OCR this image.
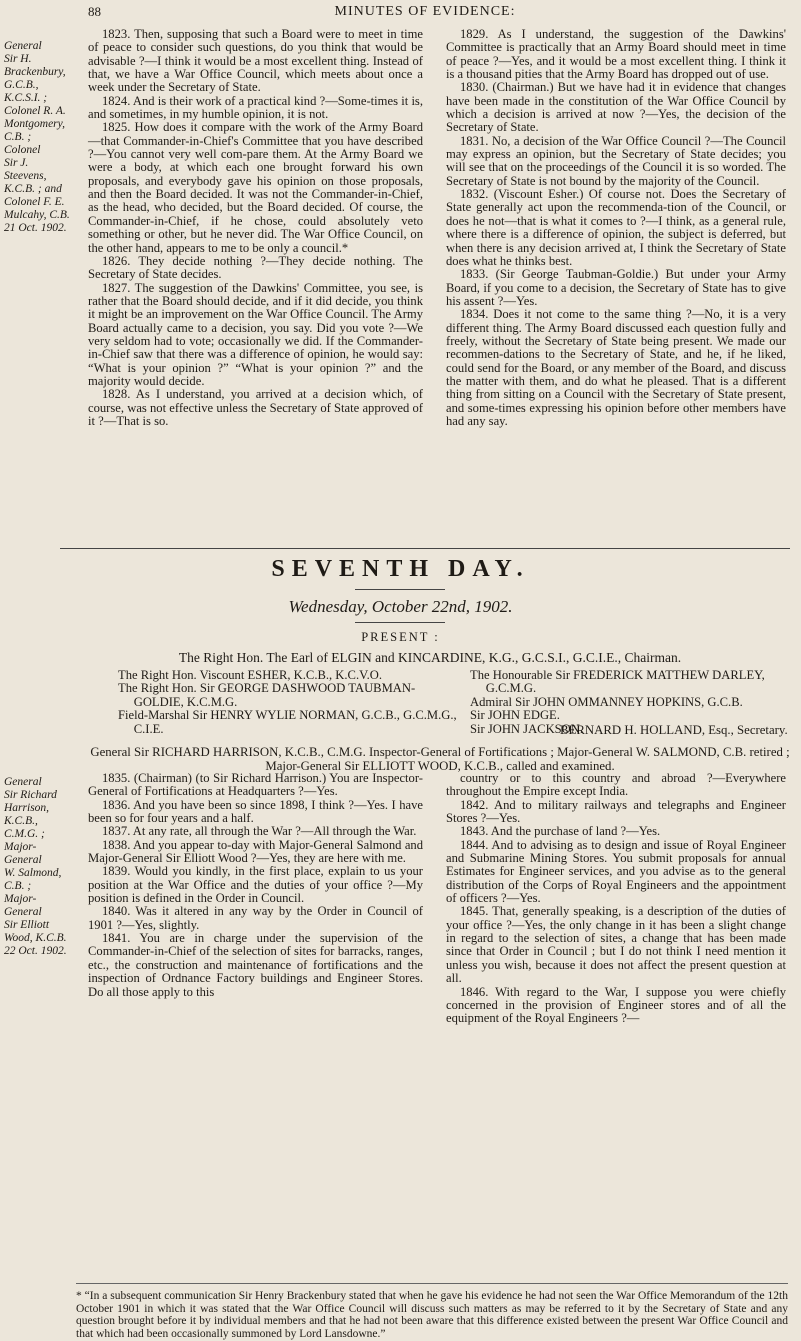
88	MINUTES OF EVIDENCE:
General
Sir H.
Brackenbury,
G.C.B.,
K.C.S.I. ;
Colonel R. A.
Montgomery,
C.B. ;
Colonel
Sir J.
Steevens,
K.C.B. ; and
Colonel F. E.
Mulcahy, C.B.
21 Oct. 1902.

1823. Then, supposing that such a Board were to meet in time of peace to consider such questions, do you think that would be advisable ?—I think it would be a most excellent thing. Instead of that, we have a War Office Council, which meets about once a week under the Secretary of State.

1824. And is their work of a practical kind ?—Some-times it is, and sometimes, in my humble opinion, it is not.

1825. How does it compare with the work of the Army Board—that Commander-in-Chief's Committee that you have described ?—You cannot very well com-pare them. At the Army Board we were a body, at which each one brought forward his own proposals, and everybody gave his opinion on those proposals, and then the Board decided. It was not the Commander-in-Chief, as the head, who decided, but the Board decided. Of course, the Commander-in-Chief, if he chose, could absolutely veto something or other, but he never did. The War Office Council, on the other hand, appears to me to be only a council.*

1826. They decide nothing ?—They decide nothing. The Secretary of State decides.

1827. The suggestion of the Dawkins' Committee, you see, is rather that the Board should decide, and if it did decide, you think it might be an improvement on the War Office Council. The Army Board actually came to a decision, you say. Did you vote ?—We very seldom had to vote; occasionally we did. If the Commander-in-Chief saw that there was a difference of opinion, he would say: “What is your opinion ?” “What is your opinion ?” and the majority would decide.

1828. As I understand, you arrived at a decision which, of course, was not effective unless the Secretary of State approved of it ?—That is so.

1829. As I understand, the suggestion of the Dawkins' Committee is practically that an Army Board should meet in time of peace ?—Yes, and it would be a most excellent thing. I think it is a thousand pities that the Army Board has dropped out of use.

1830. (Chairman.) But we have had it in evidence that changes have been made in the constitution of the War Office Council by which a decision is arrived at now ?—Yes, the decision of the Secretary of State.

1831. No, a decision of the War Office Council ?—The Council may express an opinion, but the Secretary of State decides; you will see that on the proceedings of the Council it is so worded. The Secretary of State is not bound by the majority of the Council.

1832. (Viscount Esher.) Of course not. Does the Secretary of State generally act upon the recommenda-tion of the Council, or does he not—that is what it comes to ?—I think, as a general rule, where there is a difference of opinion, the subject is deferred, but when there is any decision arrived at, I think the Secretary of State does what he thinks best.

1833. (Sir George Taubman-Goldie.) But under your Army Board, if you come to a decision, the Secretary of State has to give his assent ?—Yes.

1834. Does it not come to the same thing ?—No, it is a very different thing. The Army Board discussed each question fully and freely, without the Secretary of State being present. We made our recommen-dations to the Secretary of State, and he, if he liked, could send for the Board, or any member of the Board, and discuss the matter with them, and do what he pleased. That is a different thing from sitting on a Council with the Secretary of State present, and some-times expressing his opinion before other members have had any say.

SEVENTH DAY.
Wednesday, October 22nd, 1902.
PRESENT :
The Right Hon. The Earl of ELGIN and KINCARDINE, K.G., G.C.S.I., G.C.I.E., Chairman.
The Right Hon. Viscount ESHER, K.C.B., K.C.V.O.
The Right Hon. Sir GEORGE DASHWOOD TAUBMAN-
GOLDIE, K.C.M.G.
Field-Marshal Sir HENRY WYLIE NORMAN, G.C.B., G.C.M.G.,
C.I.E.
The Honourable Sir FREDERICK MATTHEW DARLEY,
G.C.M.G.
Admiral Sir JOHN OMMANNEY HOPKINS, G.C.B.
Sir JOHN EDGE.
Sir JOHN JACKSON.
BERNARD H. HOLLAND, Esq., Secretary.
General Sir RICHARD HARRISON, K.C.B., C.M.G. Inspector-General of Fortifications ; Major-General W. SALMOND, C.B. retired ; Major-General Sir ELLIOTT WOOD, K.C.B., called and examined.
General
Sir Richard
Harrison,
K.C.B.,
C.M.G. ;
Major-
General
W. Salmond,
C.B. ;
Major-
General
Sir Elliott
Wood, K.C.B.
22 Oct. 1902.

1835. (Chairman) (to Sir Richard Harrison.) You are Inspector-General of Fortifications at Headquarters ?—Yes.

1836. And you have been so since 1898, I think ?—Yes. I have been so for four years and a half.

1837. At any rate, all through the War ?—All through the War.

1838. And you appear to-day with Major-General Salmond and Major-General Sir Elliott Wood ?—Yes, they are here with me.

1839. Would you kindly, in the first place, explain to us your position at the War Office and the duties of your office ?—My position is defined in the Order in Council.

1840. Was it altered in any way by the Order in Council of 1901 ?—Yes, slightly.

1841. You are in charge under the supervision of the Commander-in-Chief of the selection of sites for barracks, ranges, etc., the construction and maintenance of fortifications and the inspection of Ordnance Factory buildings and Engineer Stores. Do all those apply to this

country or to this country and abroad ?—Everywhere throughout the Empire except India.

1842. And to military railways and telegraphs and Engineer Stores ?—Yes.

1843. And the purchase of land ?—Yes.

1844. And to advising as to design and issue of Royal Engineer and Submarine Mining Stores. You submit proposals for annual Estimates for Engineer services, and you advise as to the general distribution of the Corps of Royal Engineers and the appointment of officers ?—Yes.

1845. That, generally speaking, is a description of the duties of your office ?—Yes, the only change in it has been a slight change in regard to the selection of sites, a change that has been made since that Order in Council ; but I do not think I need mention it unless you wish, because it does not affect the present question at all.

1846. With regard to the War, I suppose you were chiefly concerned in the provision of Engineer stores and of all the equipment of the Royal Engineers ?—

* “In a subsequent communication Sir Henry Brackenbury stated that when he gave his evidence he had not seen the War Office Memorandum of the 12th October 1901 in which it was stated that the War Office Council will discuss such matters as may be referred to it by the Secretary of State and any question brought before it by individual members and that he had not been aware that this difference existed between the present War Office Council and that which had been occasionally summoned by Lord Lansdowne.”
